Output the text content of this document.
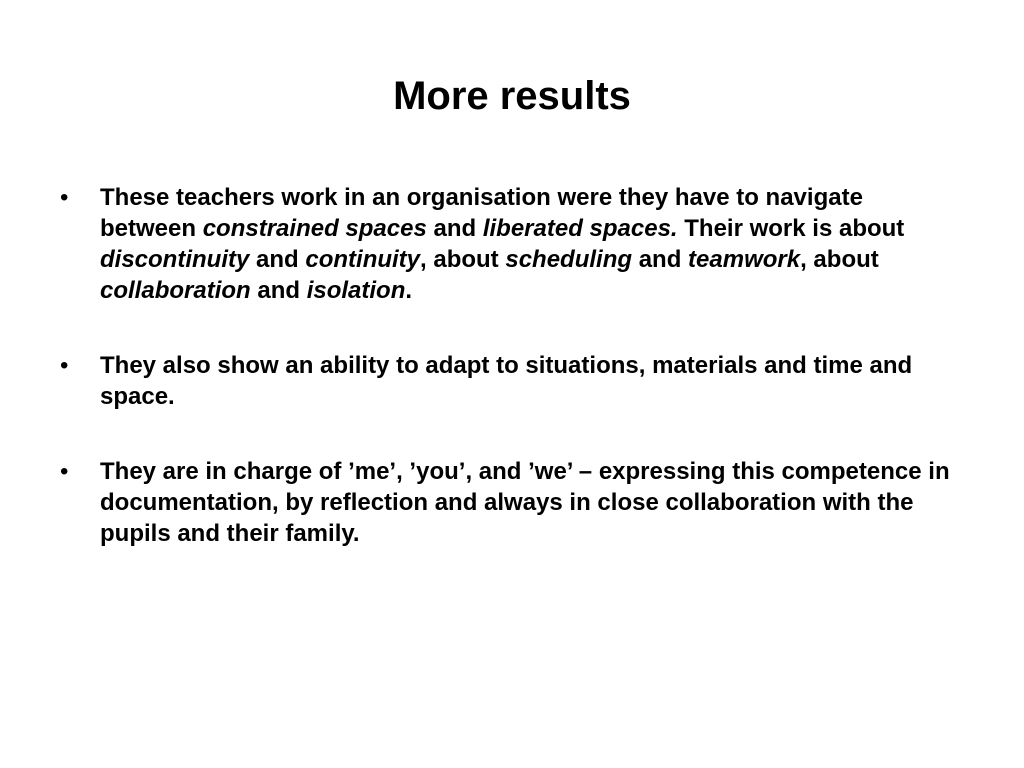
More results
•	These teachers work in an organisation were they have to navigate between constrained spaces and liberated spaces. Their work is about discontinuity and continuity, about scheduling and teamwork, about collaboration and isolation.
•	They also show an ability to adapt to situations, materials and time and space.
•	They are in charge of ’me’, ’you’, and ’we’ – expressing this competence in documentation, by reflection and always in close collaboration with the pupils and their family.
